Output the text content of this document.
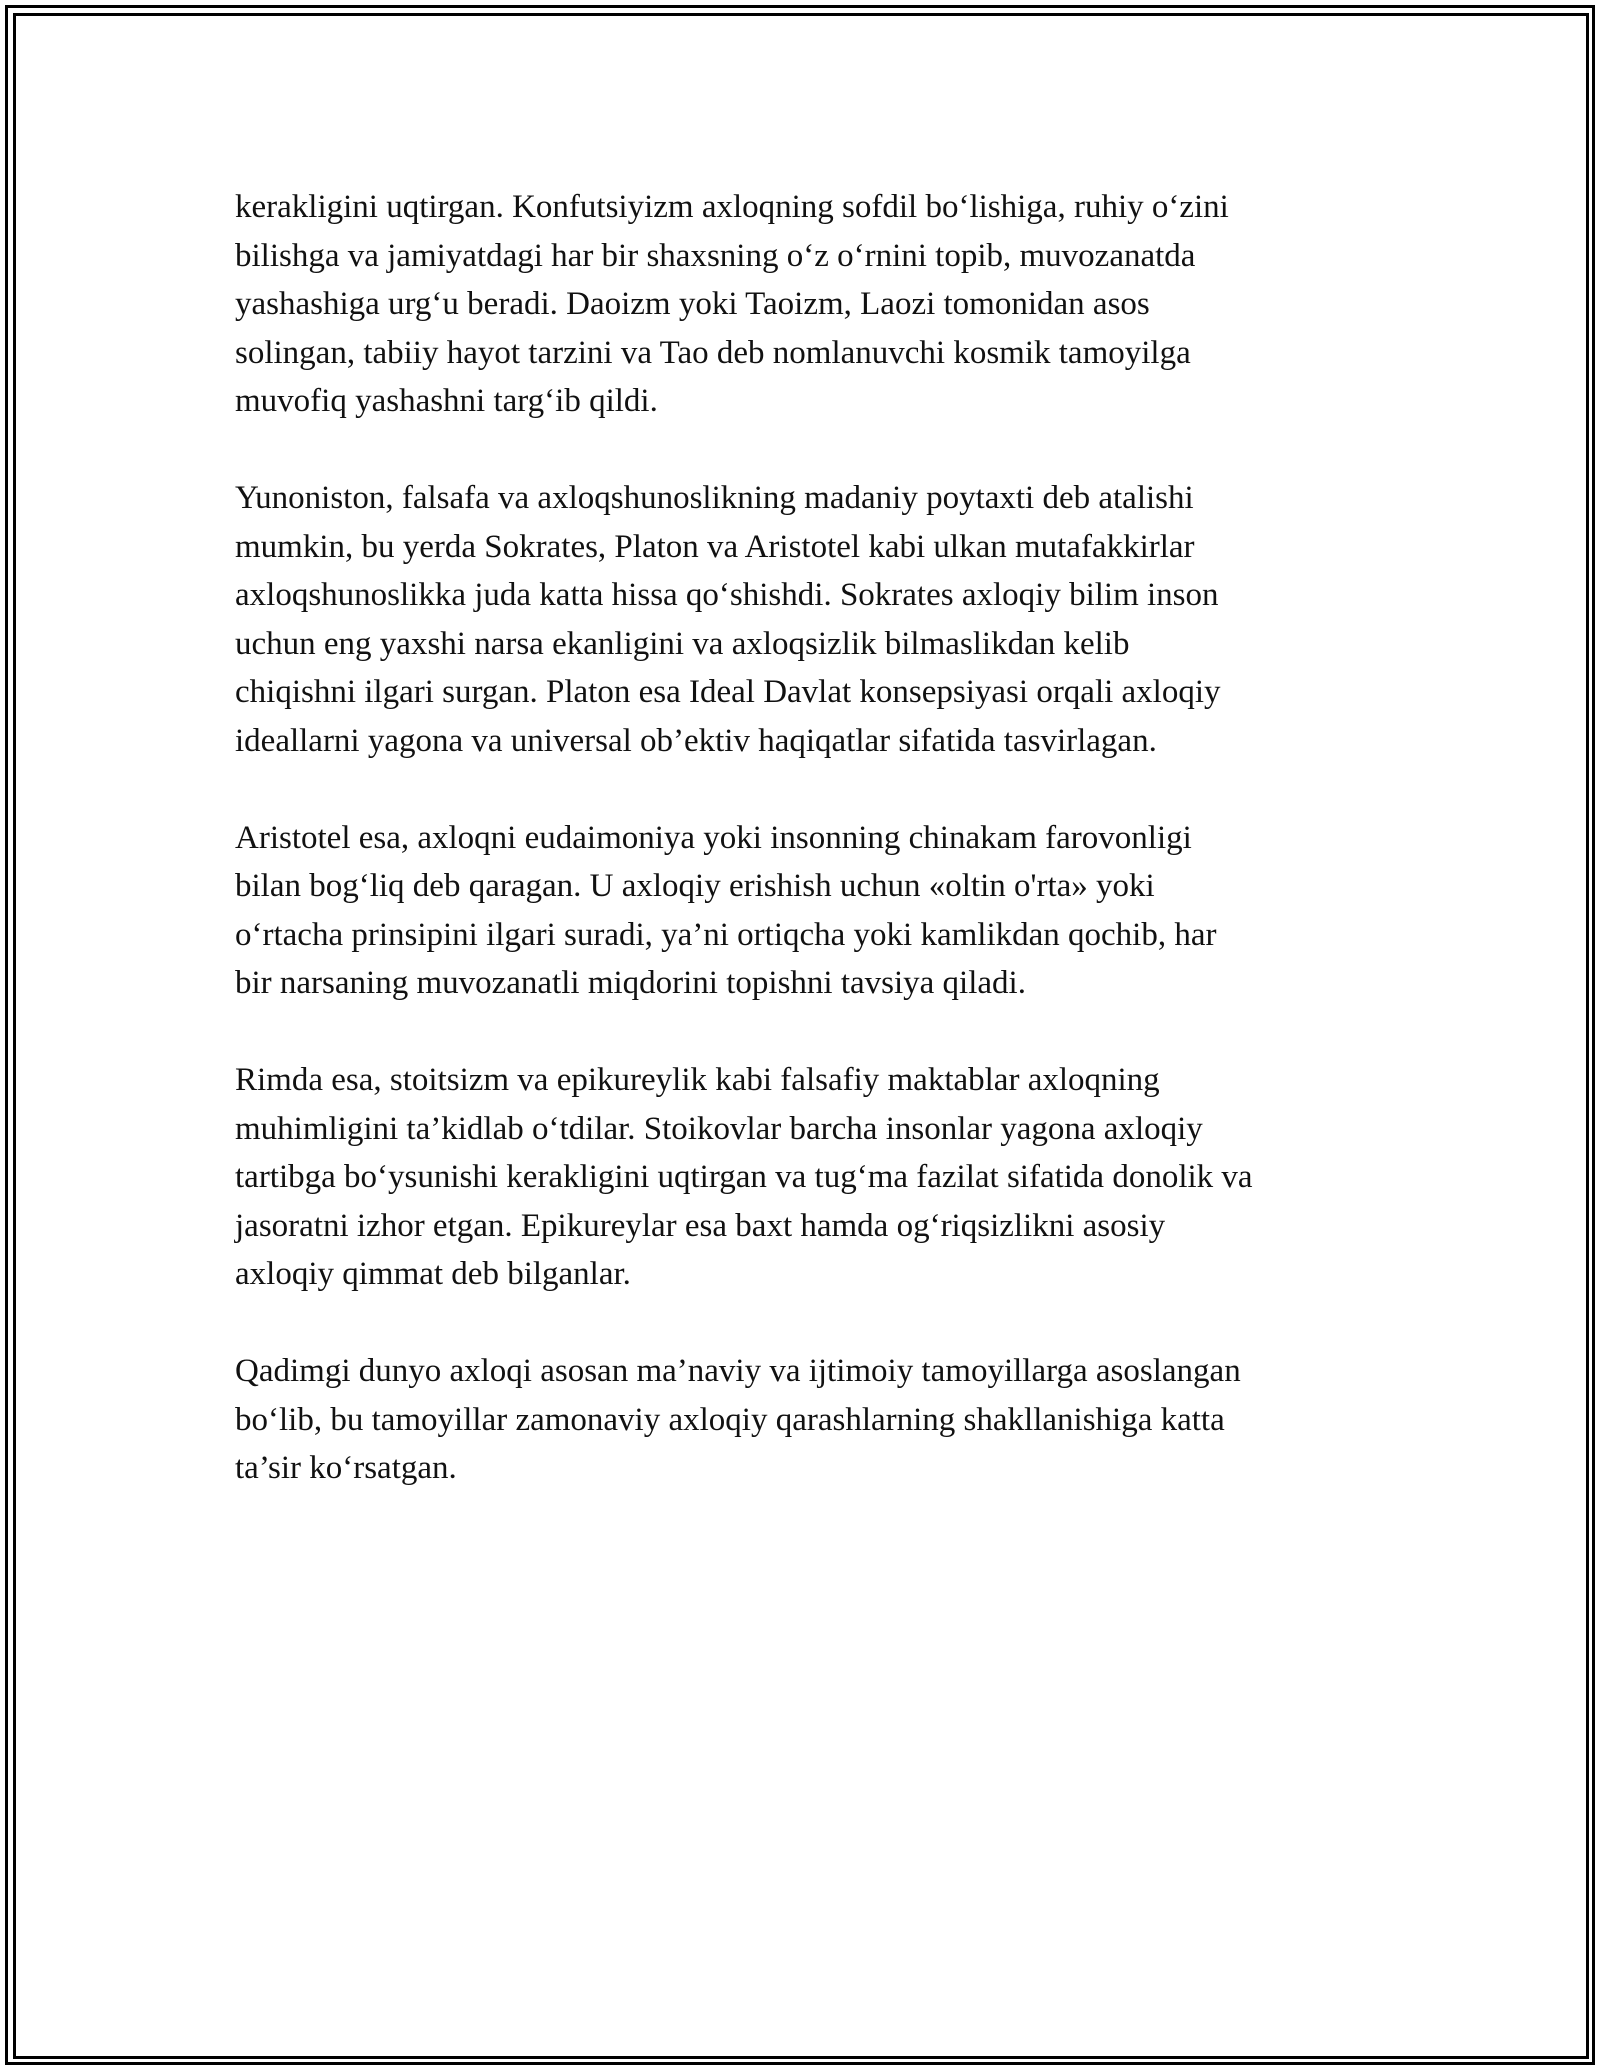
kerakligini uqtirgan. Konfutsiyizm axloqning sofdil bo‘lishiga, ruhiy o‘zini
bilishga va jamiyatdagi har bir shaxsning o‘z o‘rnini topib, muvozanatda
yashashiga urg‘u beradi. Daoizm yoki Taoizm, Laozi tomonidan asos
solingan, tabiiy hayot tarzini va Tao deb nomlanuvchi kosmik tamoyilga
muvofiq yashashni targ‘ib qildi.

Yunoniston, falsafa va axloqshunoslikning madaniy poytaxti deb atalishi
mumkin, bu yerda Sokrates, Platon va Aristotel kabi ulkan mutafakkirlar
axloqshunoslikka juda katta hissa qo‘shishdi. Sokrates axloqiy bilim inson
uchun eng yaxshi narsa ekanligini va axloqsizlik bilmaslikdan kelib
chiqishni ilgari surgan. Platon esa Ideal Davlat konsepsiyasi orqali axloqiy
ideallarni yagona va universal ob’ektiv haqiqatlar sifatida tasvirlagan.

Aristotel esa, axloqni eudaimoniya yoki insonning chinakam farovonligi
bilan bog‘liq deb qaragan. U axloqiy erishish uchun «oltin o'rta» yoki
o‘rtacha prinsipini ilgari suradi, ya’ni ortiqcha yoki kamlikdan qochib, har
bir narsaning muvozanatli miqdorini topishni tavsiya qiladi.

Rimda esa, stoitsizm va epikureylik kabi falsafiy maktablar axloqning
muhimligini ta’kidlab o‘tdilar. Stoikovlar barcha insonlar yagona axloqiy
tartibga bo‘ysunishi kerakligini uqtirgan va tug‘ma fazilat sifatida donolik va
jasoratni izhor etgan. Epikureylar esa baxt hamda og‘riqsizlikni asosiy
axloqiy qimmat deb bilganlar.

Qadimgi dunyo axloqi asosan ma’naviy va ijtimoiy tamoyillarga asoslangan
bo‘lib, bu tamoyillar zamonaviy axloqiy qarashlarning shakllanishiga katta
ta’sir ko‘rsatgan.
